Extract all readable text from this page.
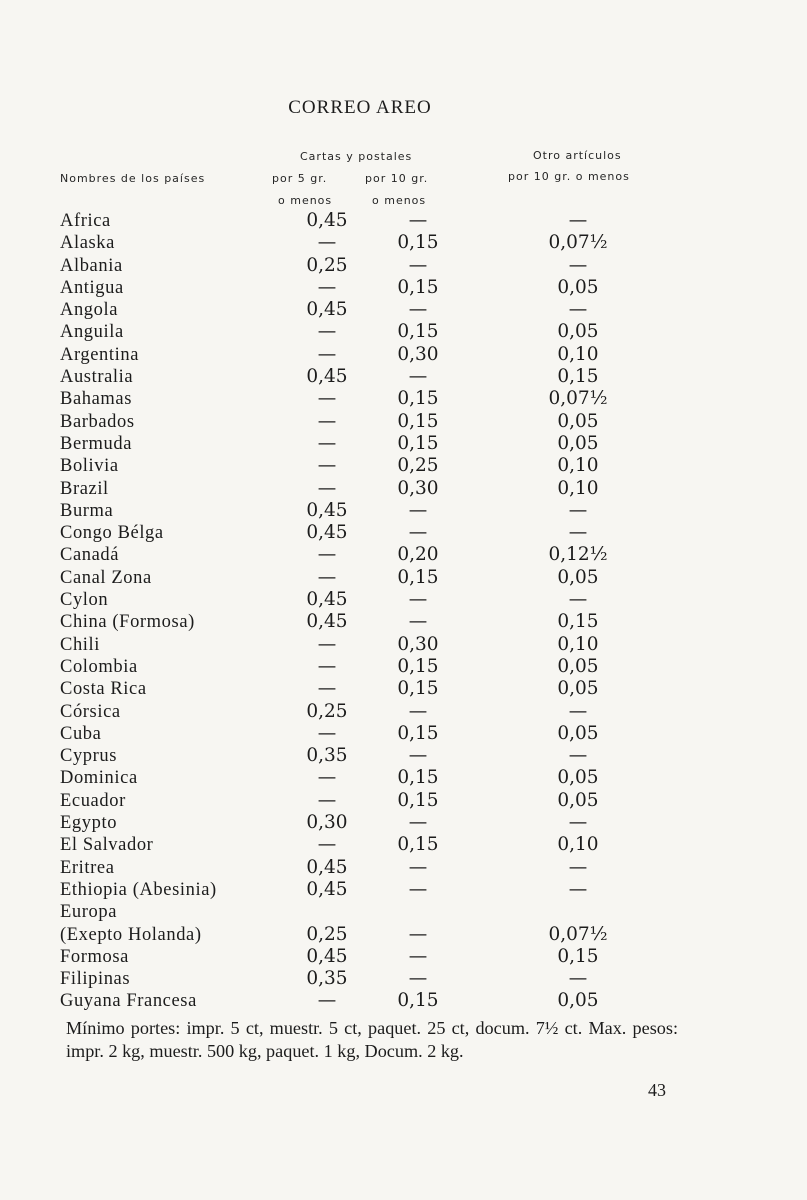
CORREO AREO
Nombres de los países
Cartas y postales
por 5 gr.
o menos
por 10 gr.
o menos
Otro artículos
por 10 gr. o menos
Africa	0,45	—	—
Alaska	—	0,15	0,07½
Albania	0,25	—	—
Antigua	—	0,15	0,05
Angola	0,45	—	—
Anguila	—	0,15	0,05
Argentina	—	0,30	0,10
Australia	0,45	—	0,15
Bahamas	—	0,15	0,07½
Barbados	—	0,15	0,05
Bermuda	—	0,15	0,05
Bolivia	—	0,25	0,10
Brazil	—	0,30	0,10
Burma	0,45	—	—
Congo Bélga	0,45	—	—
Canadá	—	0,20	0,12½
Canal Zona	—	0,15	0,05
Cylon	0,45	—	—
China (Formosa)	0,45	—	0,15
Chili	—	0,30	0,10
Colombia	—	0,15	0,05
Costa Rica	—	0,15	0,05
Córsica	0,25	—	—
Cuba	—	0,15	0,05
Cyprus	0,35	—	—
Dominica	—	0,15	0,05
Ecuador	—	0,15	0,05
Egypto	0,30	—	—
El Salvador	—	0,15	0,10
Eritrea	0,45	—	—
Ethiopia (Abesinia)	0,45	—	—
Europa
(Exepto Holanda)	0,25	—	0,07½
Formosa	0,45	—	0,15
Filipinas	0,35	—	—
Guyana Francesa	—	0,15	0,05
Mínimo portes: impr. 5 ct, muestr. 5 ct, paquet. 25 ct, docum. 7½ ct. Max. pesos: impr. 2 kg, muestr. 500 kg, paquet. 1 kg, Docum. 2 kg.
43
